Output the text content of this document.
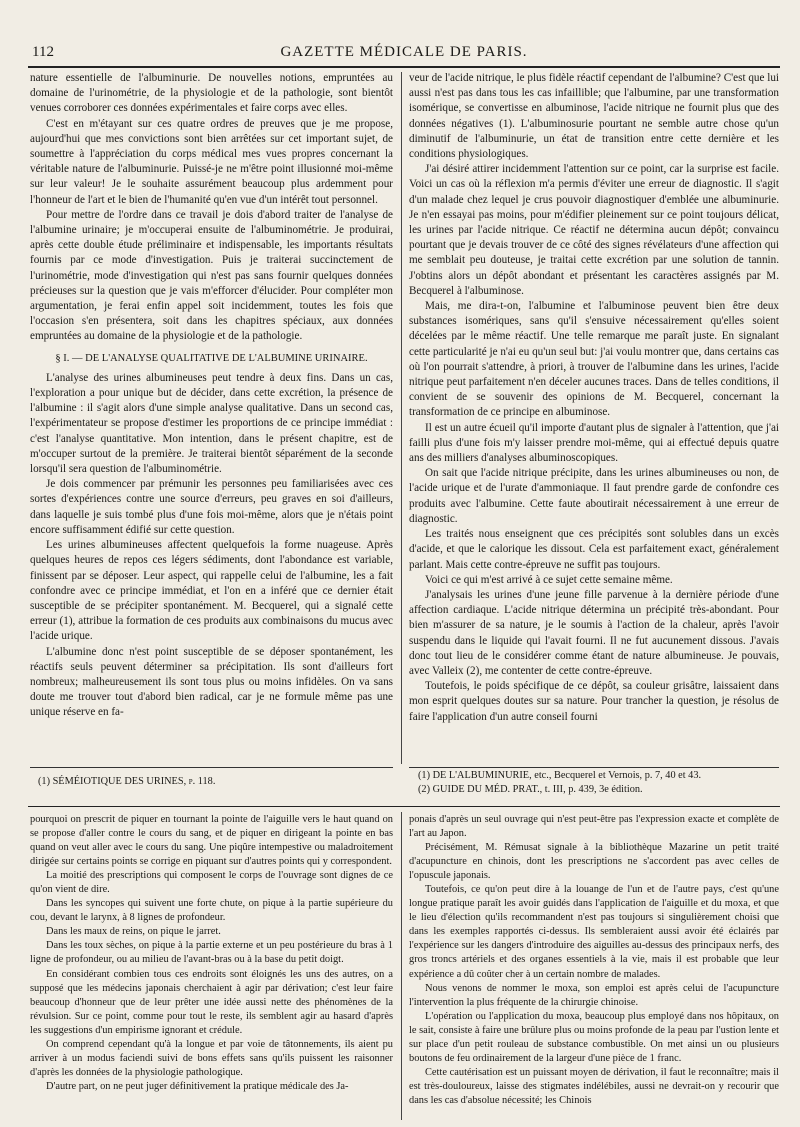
112	GAZETTE MÉDICALE DE PARIS.

nature essentielle de l'albuminurie. De nouvelles notions, empruntées au domaine de l'urinométrie, de la physiologie et de la pathologie, sont bientôt venues corroborer ces données expérimentales et faire corps avec elles.

C'est en m'étayant sur ces quatre ordres de preuves que je me propose, aujourd'hui que mes convictions sont bien arrêtées sur cet important sujet, de soumettre à l'appréciation du corps médical mes vues propres concernant la véritable nature de l'albuminurie. Puissé-je ne m'être point illusionné moi-même sur leur valeur! Je le souhaite assurément beaucoup plus ardemment pour l'honneur de l'art et le bien de l'humanité qu'en vue d'un intérêt tout personnel.

Pour mettre de l'ordre dans ce travail je dois d'abord traiter de l'analyse de l'albumine urinaire; je m'occuperai ensuite de l'albuminométrie. Je produirai, après cette double étude préliminaire et indispensable, les importants résultats fournis par ce mode d'investigation. Puis je traiterai succinctement de l'urinométrie, mode d'investigation qui n'est pas sans fournir quelques données précieuses sur la question que je vais m'efforcer d'élucider. Pour compléter mon argumentation, je ferai enfin appel soit incidemment, toutes les fois que l'occasion s'en présentera, soit dans les chapitres spéciaux, aux données empruntées au domaine de la physiologie et de la pathologie.

§ I. — DE L'ANALYSE QUALITATIVE DE L'ALBUMINE URINAIRE.

L'analyse des urines albumineuses peut tendre à deux fins. Dans un cas, l'exploration a pour unique but de décider, dans cette excrétion, la présence de l'albumine : il s'agit alors d'une simple analyse qualitative. Dans un second cas, l'expérimentateur se propose d'estimer les proportions de ce principe immédiat : c'est l'analyse quantitative. Mon intention, dans le présent chapitre, est de m'occuper surtout de la première. Je traiterai bientôt séparément de la seconde lorsqu'il sera question de l'albuminométrie.

Je dois commencer par prémunir les personnes peu familiarisées avec ces sortes d'expériences contre une source d'erreurs, peu graves en soi d'ailleurs, dans laquelle je suis tombé plus d'une fois moi-même, alors que je n'étais point encore suffisamment édifié sur cette question.

Les urines albumineuses affectent quelquefois la forme nuageuse. Après quelques heures de repos ces légers sédiments, dont l'abondance est variable, finissent par se déposer. Leur aspect, qui rappelle celui de l'albumine, les a fait confondre avec ce principe immédiat, et l'on en a inféré que ce dernier était susceptible de se précipiter spontanément. M. Becquerel, qui a signalé cette erreur (1), attribue la formation de ces produits aux combinaisons du mucus avec l'acide urique.

L'albumine donc n'est point susceptible de se déposer spontanément, les réactifs seuls peuvent déterminer sa précipitation. Ils sont d'ailleurs fort nombreux; malheureusement ils sont tous plus ou moins infidèles. On va sans doute me trouver tout d'abord bien radical, car je ne formule même pas une unique réserve en fa-

veur de l'acide nitrique, le plus fidèle réactif cependant de l'albumine? C'est que lui aussi n'est pas dans tous les cas infaillible; que l'albumine, par une transformation isomérique, se convertisse en albuminose, l'acide nitrique ne fournit plus que des données négatives (1). L'albuminosurie pourtant ne semble autre chose qu'un diminutif de l'albuminurie, un état de transition entre cette dernière et les conditions physiologiques.

J'ai désiré attirer incidemment l'attention sur ce point, car la surprise est facile. Voici un cas où la réflexion m'a permis d'éviter une erreur de diagnostic. Il s'agit d'un malade chez lequel je crus pouvoir diagnostiquer d'emblée une albuminurie. Je n'en essayai pas moins, pour m'édifier pleinement sur ce point toujours délicat, les urines par l'acide nitrique. Ce réactif ne détermina aucun dépôt; convaincu pourtant que je devais trouver de ce côté des signes révélateurs d'une affection qui me semblait peu douteuse, je traitai cette excrétion par une solution de tannin. J'obtins alors un dépôt abondant et présentant les caractères assignés par M. Becquerel à l'albuminose.

Mais, me dira-t-on, l'albumine et l'albuminose peuvent bien être deux substances isomériques, sans qu'il s'ensuive nécessairement qu'elles soient décelées par le même réactif. Une telle remarque me paraît juste. En signalant cette particularité je n'ai eu qu'un seul but: j'ai voulu montrer que, dans certains cas où l'on pourrait s'attendre, à priori, à trouver de l'albumine dans les urines, l'acide nitrique peut parfaitement n'en déceler aucunes traces. Dans de telles conditions, il convient de se souvenir des opinions de M. Becquerel, concernant la transformation de ce principe en albuminose.

Il est un autre écueil qu'il importe d'autant plus de signaler à l'attention, que j'ai failli plus d'une fois m'y laisser prendre moi-même, qui ai effectué depuis quatre ans des milliers d'analyses albuminoscopiques.

On sait que l'acide nitrique précipite, dans les urines albumineuses ou non, de l'acide urique et de l'urate d'ammoniaque. Il faut prendre garde de confondre ces produits avec l'albumine. Cette faute aboutirait nécessairement à une erreur de diagnostic.

Les traités nous enseignent que ces précipités sont solubles dans un excès d'acide, et que le calorique les dissout. Cela est parfaitement exact, généralement parlant. Mais cette contre-épreuve ne suffit pas toujours.

Voici ce qui m'est arrivé à ce sujet cette semaine même.

J'analysais les urines d'une jeune fille parvenue à la dernière période d'une affection cardiaque. L'acide nitrique détermina un précipité très-abondant. Pour bien m'assurer de sa nature, je le soumis à l'action de la chaleur, après l'avoir suspendu dans le liquide qui l'avait fourni. Il ne fut aucunement dissous. J'avais donc tout lieu de le considérer comme étant de nature albumineuse. Je pouvais, avec Valleix (2), me contenter de cette contre-épreuve.

Toutefois, le poids spécifique de ce dépôt, sa couleur grisâtre, laissaient dans mon esprit quelques doutes sur sa nature. Pour trancher la question, je résolus de faire l'application d'un autre conseil fourni

(1) SÉMÉIOTIQUE DES URINES, p. 118.
(1) DE L'ALBUMINURIE, etc., Becquerel et Vernois, p. 7, 40 et 43.
(2) GUIDE DU MÉD. PRAT., t. III, p. 439, 3e édition.

pourquoi on prescrit de piquer en tournant la pointe de l'aiguille vers le haut quand on se propose d'aller contre le cours du sang, et de piquer en dirigeant la pointe en bas quand on veut aller avec le cours du sang. Une piqûre intempestive ou maladroitement dirigée sur certains points se corrige en piquant sur d'autres points qui y correspondent.

La moitié des prescriptions qui composent le corps de l'ouvrage sont dignes de ce qu'on vient de dire.

Dans les syncopes qui suivent une forte chute, on pique à la partie supérieure du cou, devant le larynx, à 8 lignes de profondeur.

Dans les maux de reins, on pique le jarret.

Dans les toux sèches, on pique à la partie externe et un peu postérieure du bras à 1 ligne de profondeur, ou au milieu de l'avant-bras ou à la base du petit doigt.

En considérant combien tous ces endroits sont éloignés les uns des autres, on a supposé que les médecins japonais cherchaient à agir par dérivation; c'est leur faire beaucoup d'honneur que de leur prêter une idée aussi nette des phénomènes de la révulsion. Sur ce point, comme pour tout le reste, ils semblent agir au hasard d'après les suggestions d'un empirisme ignorant et crédule.

On comprend cependant qu'à la longue et par voie de tâtonnements, ils aient pu arriver à un modus faciendi suivi de bons effets sans qu'ils puissent les raisonner d'après les données de la physiologie pathologique.

D'autre part, on ne peut juger définitivement la pratique médicale des Ja-

ponais d'après un seul ouvrage qui n'est peut-être pas l'expression exacte et complète de l'art au Japon.

Précisément, M. Rémusat signale à la bibliothèque Mazarine un petit traité d'acupuncture en chinois, dont les prescriptions ne s'accordent pas avec celles de l'opuscule japonais.

Toutefois, ce qu'on peut dire à la louange de l'un et de l'autre pays, c'est qu'une longue pratique paraît les avoir guidés dans l'application de l'aiguille et du moxa, et que le lieu d'élection qu'ils recommandent n'est pas toujours si singulièrement choisi que dans les exemples rapportés ci-dessus. Ils sembleraient aussi avoir été éclairés par l'expérience sur les dangers d'introduire des aiguilles au-dessus des principaux nerfs, des gros troncs artériels et des organes essentiels à la vie, mais il est probable que leur expérience a dû coûter cher à un certain nombre de malades.

Nous venons de nommer le moxa, son emploi est après celui de l'acupuncture l'intervention la plus fréquente de la chirurgie chinoise.

L'opération ou l'application du moxa, beaucoup plus employé dans nos hôpitaux, on le sait, consiste à faire une brûlure plus ou moins profonde de la peau par l'ustion lente et sur place d'un petit rouleau de substance combustible. On met ainsi un ou plusieurs boutons de feu ordinairement de la largeur d'une pièce de 1 franc.

Cette cautérisation est un puissant moyen de dérivation, il faut le reconnaître; mais il est très-douloureux, laisse des stigmates indélébiles, aussi ne devrait-on y recourir que dans les cas d'absolue nécessité; les Chinois
